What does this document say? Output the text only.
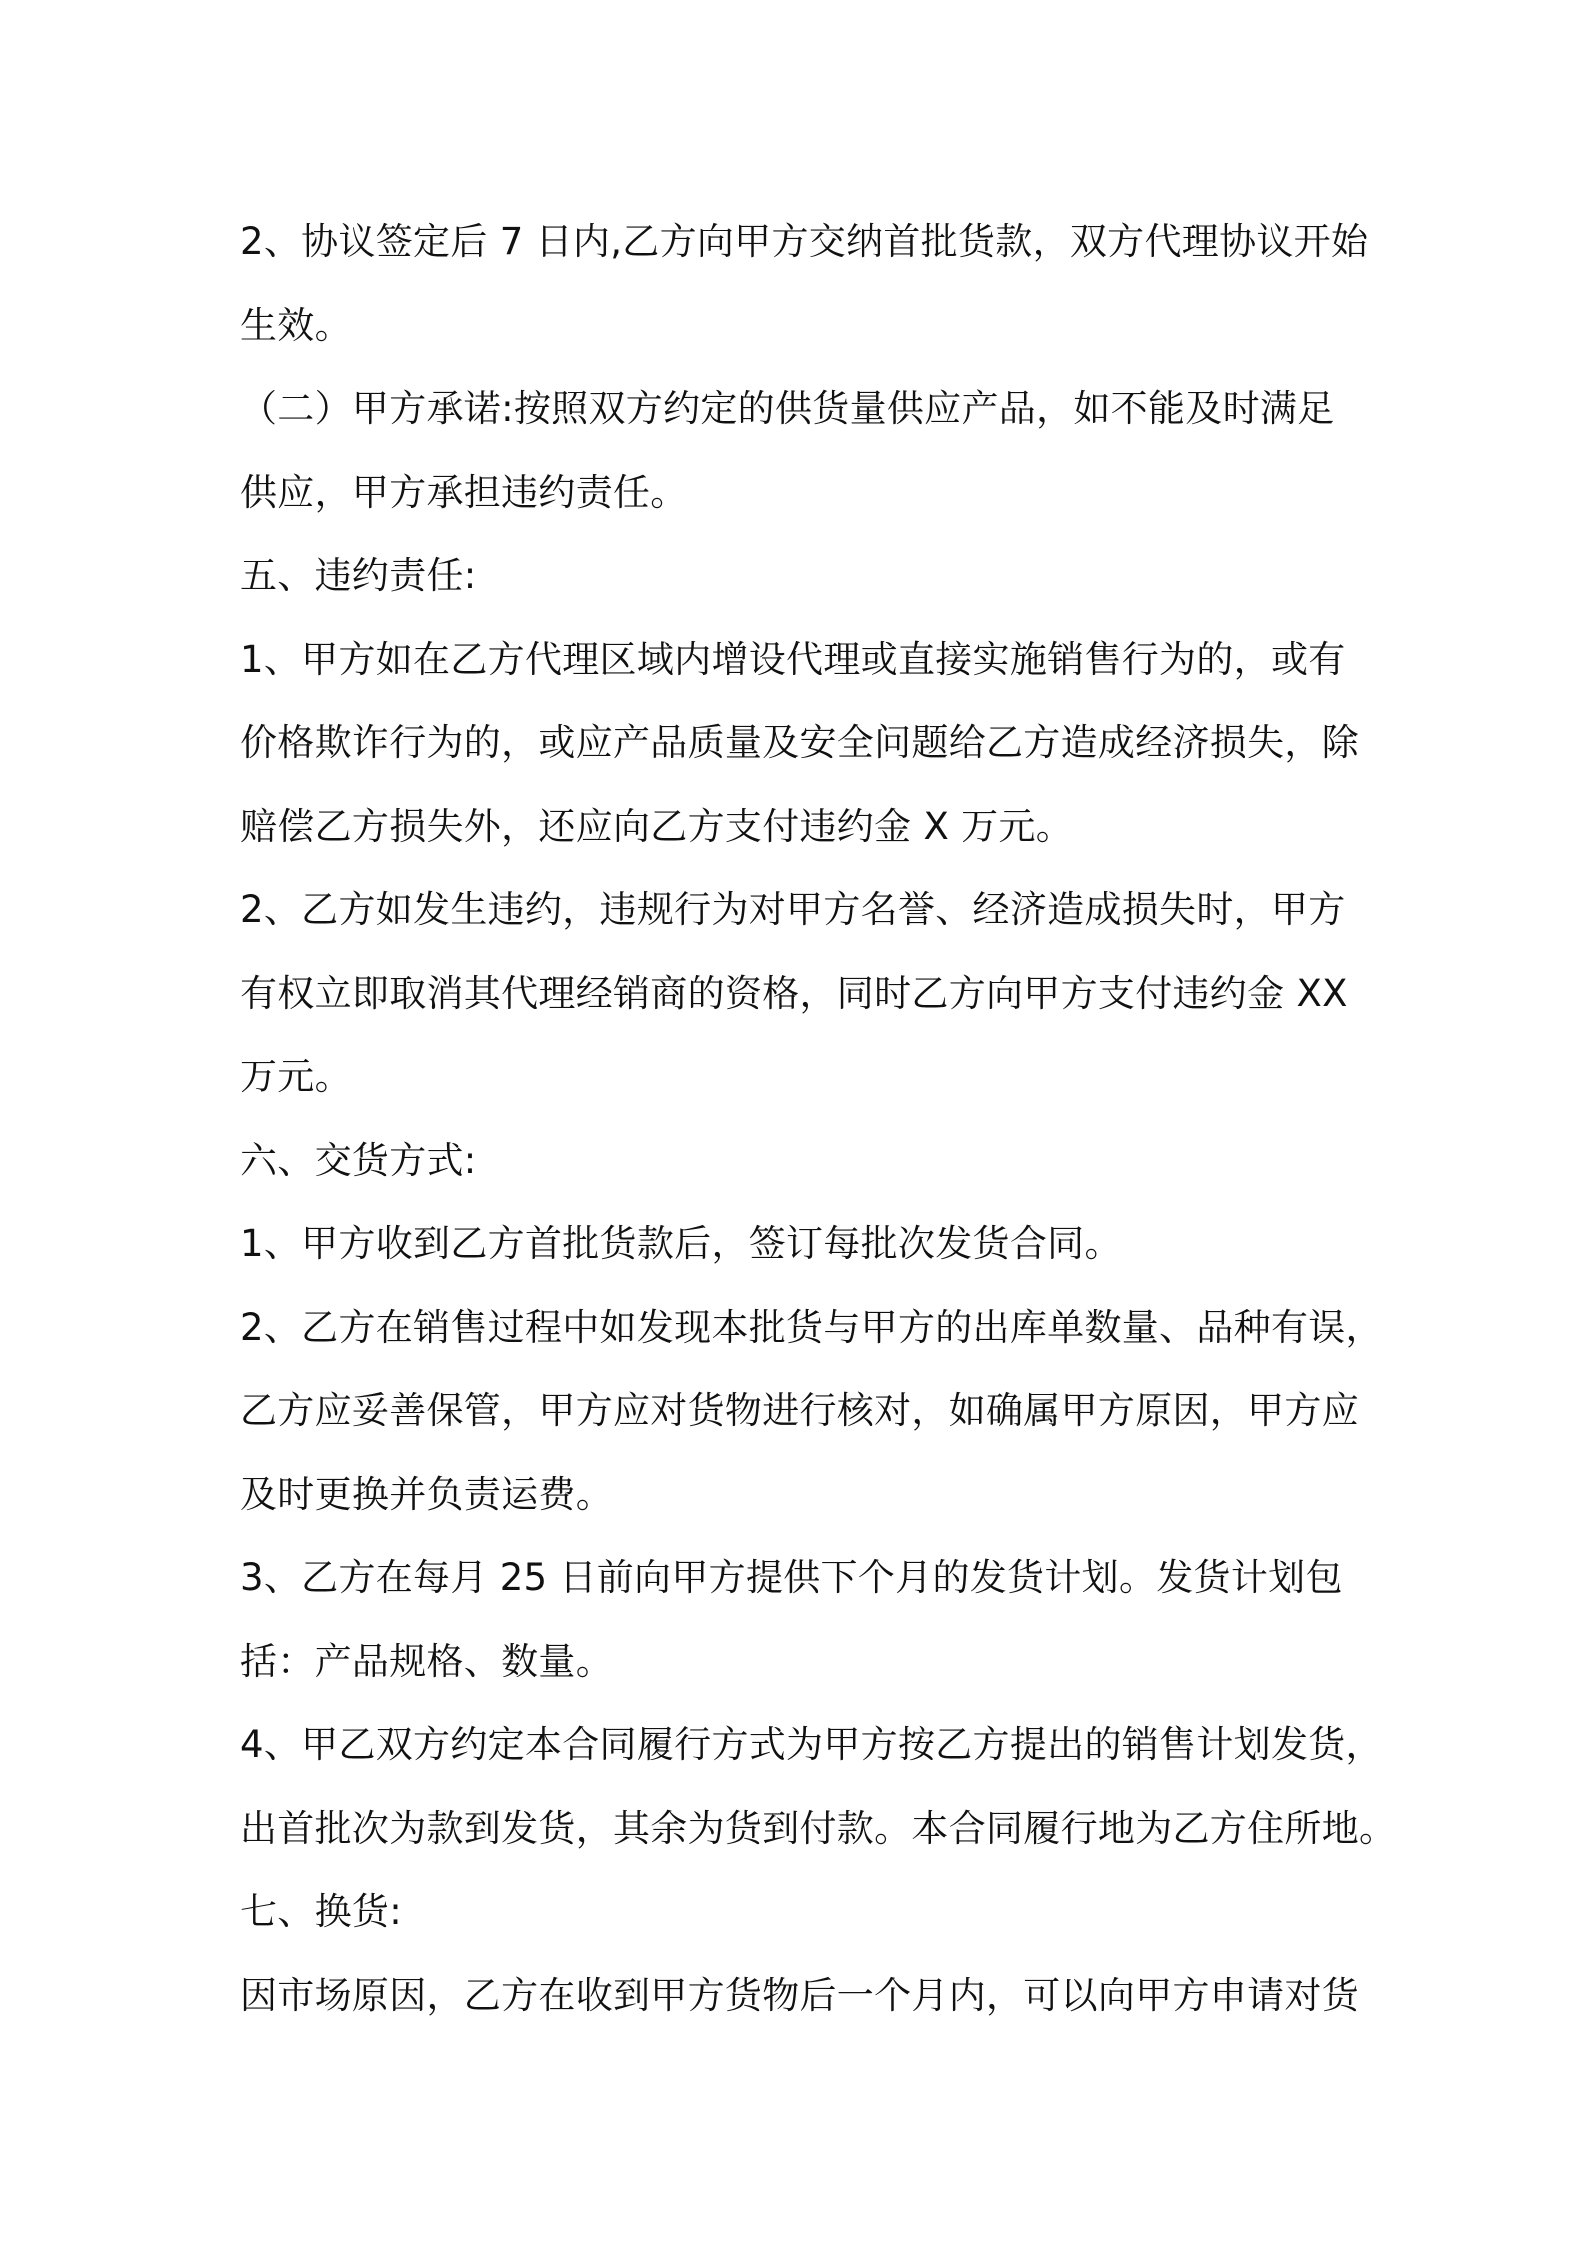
2、协议签定后 7 日内,乙方向甲方交纳首批货款，双方代理协议开始
生效。
（二）甲方承诺:按照双方约定的供货量供应产品，如不能及时满足
供应，甲方承担违约责任。
五、违约责任:
1、甲方如在乙方代理区域内增设代理或直接实施销售行为的，或有
价格欺诈行为的，或应产品质量及安全问题给乙方造成经济损失，除
赔偿乙方损失外，还应向乙方支付违约金 X 万元。
2、乙方如发生违约，违规行为对甲方名誉、经济造成损失时，甲方
有权立即取消其代理经销商的资格，同时乙方向甲方支付违约金 XX
万元。
六、交货方式:
1、甲方收到乙方首批货款后，签订每批次发货合同。
2、乙方在销售过程中如发现本批货与甲方的出库单数量、品种有误，
乙方应妥善保管，甲方应对货物进行核对，如确属甲方原因，甲方应
及时更换并负责运费。
3、乙方在每月 25 日前向甲方提供下个月的发货计划。发货计划包
括：产品规格、数量。
4、甲乙双方约定本合同履行方式为甲方按乙方提出的销售计划发货，
出首批次为款到发货，其余为货到付款。本合同履行地为乙方住所地。
七、换货:
因市场原因，乙方在收到甲方货物后一个月内，可以向甲方申请对货
